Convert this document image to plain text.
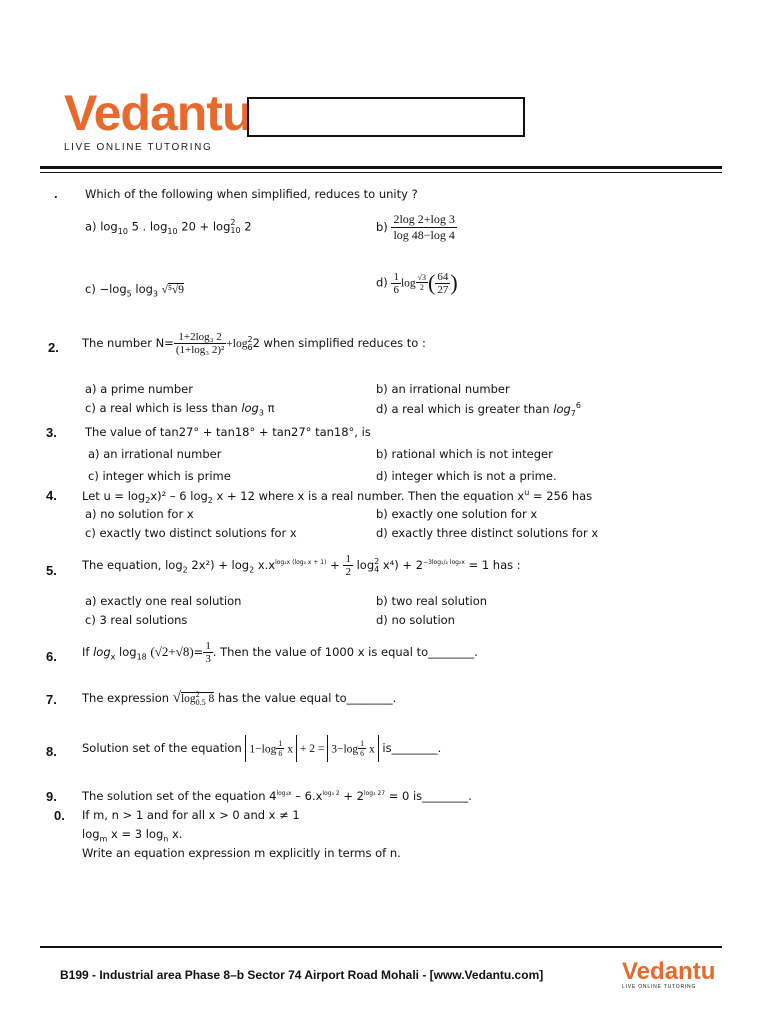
Vedantu
LIVE ONLINE TUTORING
. Which of the following when simplified, reduces to unity ?
a) $\log_{10} 5$ . $\log_{10} 20 + \log 2$
10 2	$b) \frac{2\log 2+\log 3}{\log 48-\log 4}$
$c) -\log_5$ $\log_3 √^5√9$
$d) \frac{1}{6}$ $\log \frac{√3}{2}$ ( $\frac{64}{27}$ )
2. The number $N= \frac{\text{1+2log₃ 2}}{\text{(1+log₃ 2)²}} +\log$ 2
6 2 when simplified reduces to :
a) a prime number	b) an irrational number
c) a real which is less than $\log_3 \pi$	d) a real which is greater than $\log_7^6$
3. The value of tan27° + tan18° + tan27° tan18°, is
a) an irrational number	b) rational which is not integer
c) integer which is prime	d) integer which is not a prime.
4. Let $u = \log_2x)^2 - 6$ $\log_2 x + 12$ where x is a real number. Then the equation $x^u = 256$ has
a) no solution for x	b) exactly one solution for x
c) exactly two distinct solutions for x	d) exactly three distinct solutions for x
5. The equation, $\log_2 2x^2) + \log_2 x.x^{log_2x (log_2 x + 1)} + \frac{1}{2}$ log 2
4 $x^4) + 2^{-3log_1/_2 log_2x} = 1$ has :
a) exactly one real solution	b) two real solution
c) 3 real solutions	d) no solution
6. If $\log_x \log_{18} (√2+√8)= \frac{1}{3}$ . Then the value of 1000 x is equal to________.
7. The expression √log 2
0.5 8 has the value equal to________.
8. Solution set of the equation $1-\log \frac{1}{6}$ $x + 2 = 3-\log \frac{1}{6}$ x is________.
9. The solution set of the equation $4^{log_3x} - 6.x^{log_3 2} + 2^{log_3 27} = 0$ is________.
0. If m, n > 1 and for all x > 0 and x ≠ 1
$\log_m x = 3$ $\log_n x$.
Write an equation expression m explicitly in terms of n.
B199 - Industrial area Phase 8–b Sector 74 Airport Road Mohali - [www.Vedantu.com]	Vedantu
LIVE ONLINE TUTORING
